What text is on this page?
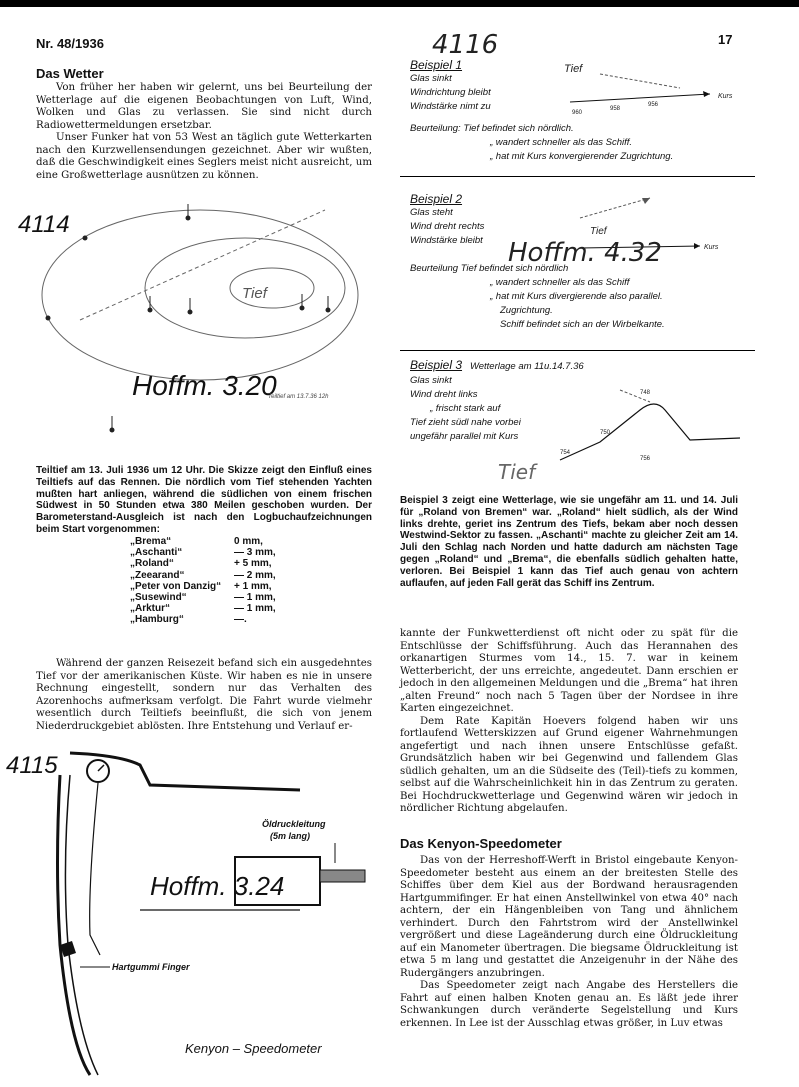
Nr. 48/1936	17
Das Wetter

Von früher her haben wir gelernt, uns bei Beurteilung der Wetterlage auf die eigenen Beobachtungen von Luft, Wind, Wolken und Glas zu verlassen. Sie sind nicht durch Radiowettermeldungen ersetzbar.

Unser Funker hat von 53 West an täglich gute Wetterkarten nach den Kurzwellensendungen gezeichnet. Aber wir wußten, daß die Geschwindigkeit eines Seglers meist nicht ausreicht, um eine Großwetterlage ausnützen zu können.

4114
Tief
Hoffm. 3.20
Teiltief am 13.7.36 12h

Teiltief am 13. Juli 1936 um 12 Uhr. Die Skizze zeigt den Einfluß eines Teiltiefs auf das Rennen. Die nördlich vom Tief stehenden Yachten mußten hart anliegen, während die südlichen von einem frischen Südwest in 50 Stunden etwa 380 Meilen geschoben wurden. Der Barometerstand-Ausgleich ist nach den Logbuchaufzeichnungen beim Start vorgenommen:

„Brema“	0 mm,
„Aschanti“	— 3 mm,
„Roland“	+ 5 mm,
„Zeearand“	— 2 mm,
„Peter von Danzig“	+ 1 mm,
„Susewind“	— 1 mm,
„Arktur“	— 1 mm,
„Hamburg“	—.

Während der ganzen Reisezeit befand sich ein ausgedehntes Tief vor der amerikanischen Küste. Wir haben es nie in unsere Rechnung eingestellt, sondern nur das Verhalten des Azorenhochs aufmerksam verfolgt. Die Fahrt wurde vielmehr wesentlich durch Teiltiefs beeinflußt, die sich von jenem Niederdruckgebiet ablösten. Ihre Entstehung und Verlauf er-

4115
Öldruckleitung
(5m lang)
Hoffm. 3.24
Hartgummi Finger
Kenyon – Speedometer
4116
Beispiel 1
Glas sinkt
Windrichtung bleibt
Windstärke nimt zu
Tief
Kurs
960
958
956
Beurteilung: Tief befindet sich nördlich.
„ wandert schneller als das Schiff.
„ hat mit Kurs konvergierender Zugrichtung.
Beispiel 2
Glas steht
Wind dreht rechts
Windstärke bleibt
Tief
Kurs
Hoffm. 4.32
Beurteilung Tief befindet sich nördlich
„ wandert schneller als das Schiff
„ hat mit Kurs divergierende also parallel.
Zugrichtung.
Schiff befindet sich an der Wirbelkante.
Beispiel 3 Wetterlage am 11u.14.7.36
Glas sinkt
Wind dreht links
„ frischt stark auf
Tief zieht südl nahe vorbei
ungefähr parallel mit Kurs
748
750
754
756
Tief

Beispiel 3 zeigt eine Wetterlage, wie sie ungefähr am 11. und 14. Juli für „Roland von Bremen“ war. „Roland“ hielt südlich, als der Wind links drehte, geriet ins Zentrum des Tiefs, bekam aber noch dessen Westwind-Sektor zu fassen. „Aschanti“ machte zu gleicher Zeit am 14. Juli den Schlag nach Norden und hatte dadurch am nächsten Tage gegen „Roland“ und „Brema“, die ebenfalls südlich gehalten hatte, verloren. Bei Beispiel 1 kann das Tief auch genau von achtern auflaufen, auf jeden Fall gerät das Schiff ins Zentrum.

kannte der Funkwetterdienst oft nicht oder zu spät für die Entschlüsse der Schiffsführung. Auch das Herannahen des orkanartigen Sturmes vom 14., 15. 7. war in keinem Wetterbericht, der uns erreichte, angedeutet. Dann erschien er jedoch in den allgemeinen Meldungen und die „Brema“ hat ihren „alten Freund“ noch nach 5 Tagen über der Nordsee in ihre Karten eingezeichnet.

Dem Rate Kapitän Hoevers folgend haben wir uns fortlaufend Wetterskizzen auf Grund eigener Wahrnehmungen angefertigt und nach ihnen unsere Entschlüsse gefaßt. Grundsätzlich haben wir bei Gegenwind und fallendem Glas südlich gehalten, um an die Südseite des (Teil)-tiefs zu kommen, selbst auf die Wahrscheinlichkeit hin in das Zentrum zu geraten. Bei Hochdruckwetterlage und Gegenwind wären wir jedoch in nördlicher Richtung abgelaufen.

Das Kenyon-Speedometer

Das von der Herreshoff-Werft in Bristol eingebaute Kenyon-Speedometer besteht aus einem an der breitesten Stelle des Schiffes über dem Kiel aus der Bordwand herausragenden Hartgummifinger. Er hat einen Anstellwinkel von etwa 40° nach achtern, der ein Hängenbleiben von Tang und ähnlichem verhindert. Durch den Fahrtstrom wird der Anstellwinkel vergrößert und diese Lageänderung durch eine Öldruckleitung auf ein Manometer übertragen. Die biegsame Öldruckleitung ist etwa 5 m lang und gestattet die Anzeigenuhr in der Nähe des Rudergängers anzubringen.

Das Speedometer zeigt nach Angabe des Herstellers die Fahrt auf einen halben Knoten genau an. Es läßt jede ihrer Schwankungen durch veränderte Segelstellung und Kurs erkennen. In Lee ist der Ausschlag etwas größer, in Luv etwas
